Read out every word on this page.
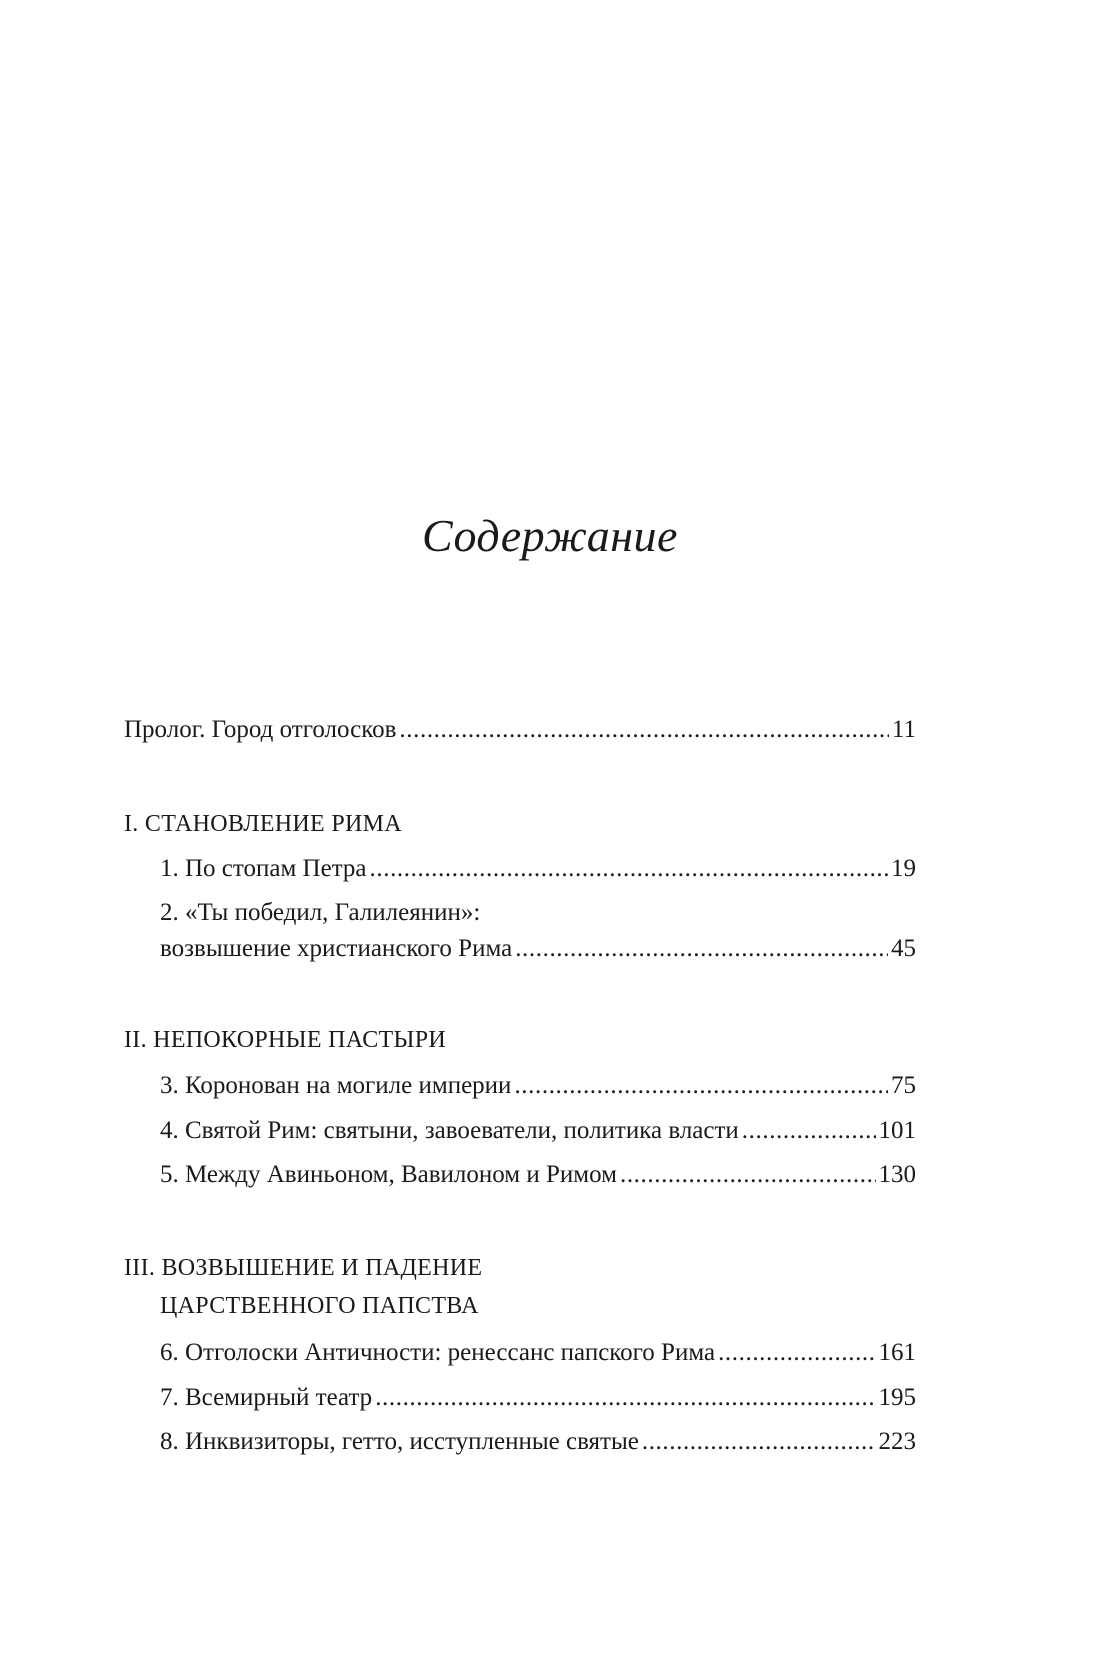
Содержание
Пролог. Город отголосков .....	11
I. СТАНОВЛЕНИЕ РИМА
1. По стопам Петра .....	19
2. «Ты победил, Галилеянин»:
возвышение христианского Рима .....	45
II. НЕПОКОРНЫЕ ПАСТЫРИ
3. Коронован на могиле империи .....	75
4. Святой Рим: святыни, завоеватели, политика власти .....	101
5. Между Авиньоном, Вавилоном и Римом .....	130
III. ВОЗВЫШЕНИЕ И ПАДЕНИЕ
ЦАРСТВЕННОГО ПАПСТВА
6. Отголоски Античности: ренессанс папского Рима .....	161
7. Всемирный театр .....	195
8. Инквизиторы, гетто, исступленные святые .....	223
